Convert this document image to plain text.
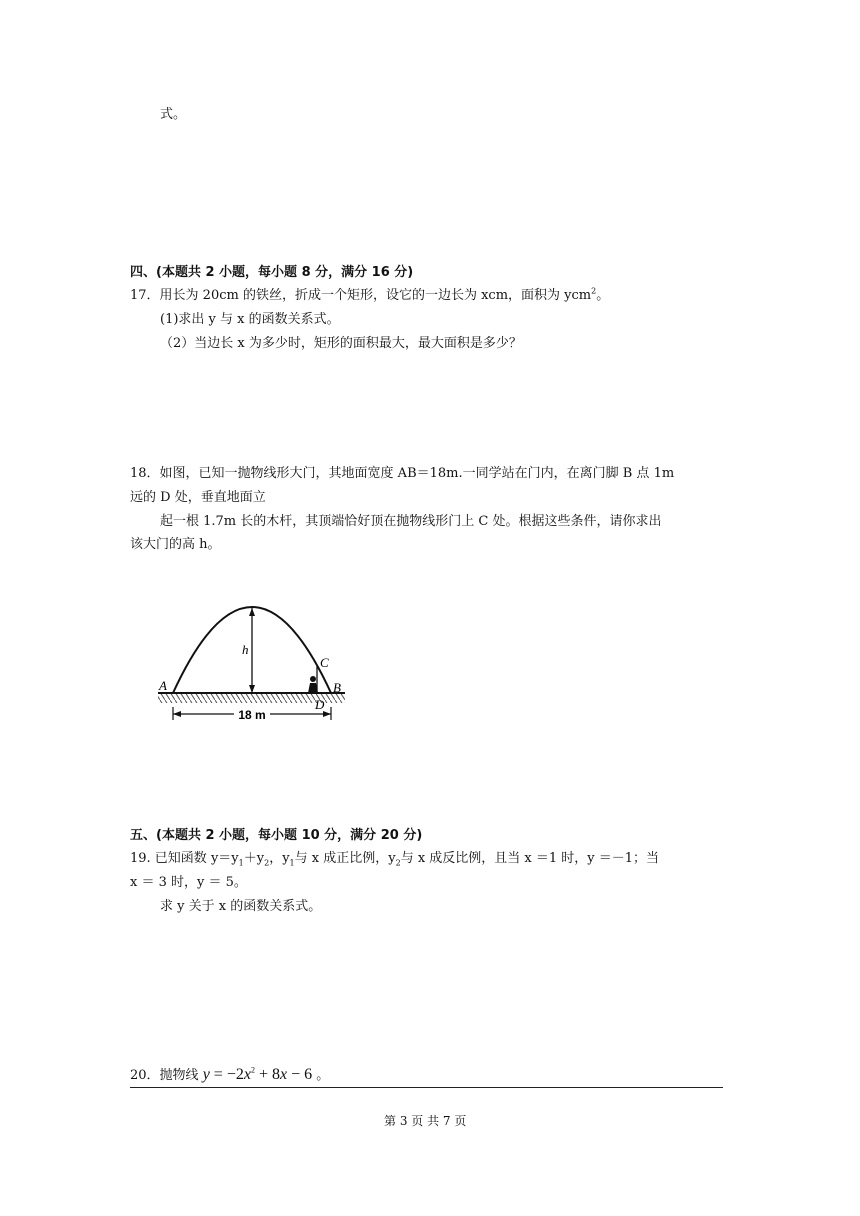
式。
四、(本题共 2 小题，每小题 8 分，满分 16 分)
17．用长为 20cm 的铁丝，折成一个矩形，设它的一边长为 xcm，面积为 ycm$^2$。
(1)求出 y 与 x 的函数关系式。
（2）当边长 x 为多少时，矩形的面积最大，最大面积是多少？
18．如图，已知一抛物线形大门，其地面宽度 AB＝18m.一同学站在门内，在离门脚 B 点 1m
远的 D 处，垂直地面立
起一根 1.7m 长的木杆，其顶端恰好顶在抛物线形门上 C 处。根据这些条件，请你求出
该大门的高 h。
18 m
A	B
C
D
h
五、(本题共 2 小题，每小题 10 分，满分 20 分)
19. 已知函数 $y=y_1+y_2$，$y_1$与 x 成正比例，$y_2$与 x 成反比例，且当 x ＝1 时，y ＝－1；当
x ＝ 3 时，y ＝ 5。
求 y 关于 x 的函数关系式。
20．抛物线 $y = -2x^2 + 8x - 6$ 。
第 3 页 共 7 页
